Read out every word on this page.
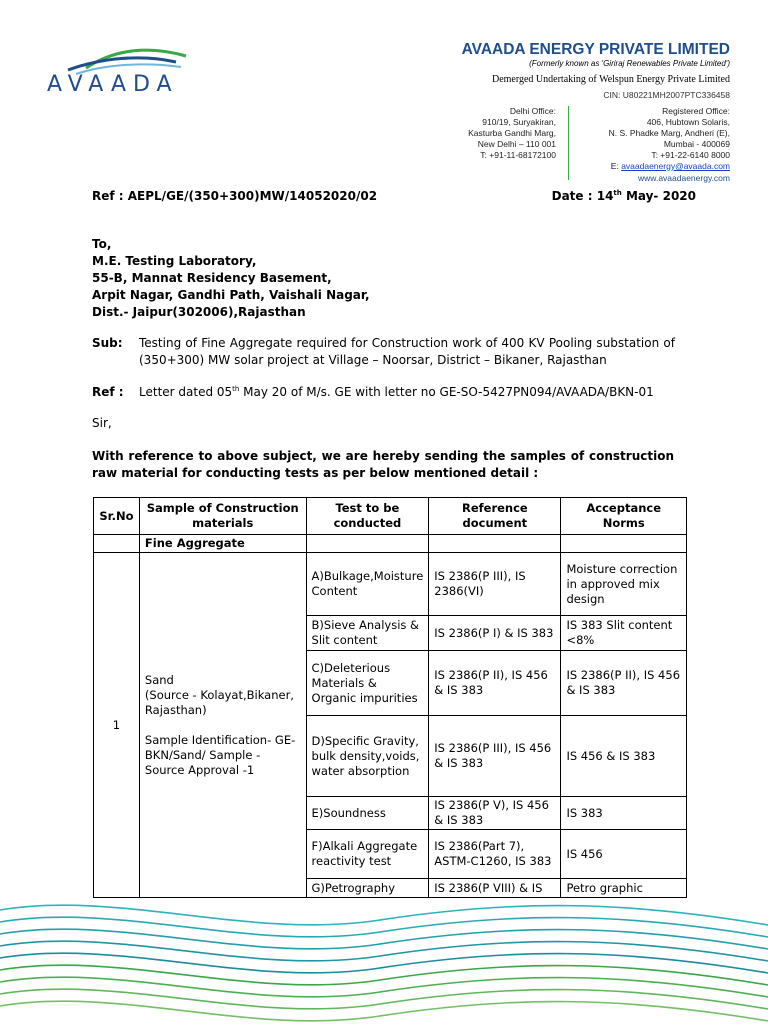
AVAADA
AVAADA ENERGY PRIVATE LIMITED
(Formerly known as 'Giriraj Renewables Private Limited')
Demerged Undertaking of Welspun Energy Private Limited
CIN: U80221MH2007PTC336458
Delhi Office:
910/19, Suryakiran,
Kasturba Gandhi Marg,
New Delhi – 110 001
T: +91-11-68172100
Registered Office:
406, Hubtown Solaris,
N. S. Phadke Marg, Andheri (E),
Mumbai - 400069
T: +91-22-6140 8000
E: avaadaenergy@avaada.com
www.avaadaenergy.com
Ref : AEPL/GE/(350+300)MW/14052020/02	Date : 14th May- 2020
To,
M.E. Testing Laboratory,
55-B, Mannat Residency Basement,
Arpit Nagar, Gandhi Path, Vaishali Nagar,
Dist.- Jaipur(302006),Rajasthan
Sub: Testing of Fine Aggregate required for Construction work of 400 KV Pooling substation of (350+300) MW solar project at Village – Noorsar, District – Bikaner, Rajasthan
Ref : Letter dated 05th May 20 of M/s. GE with letter no GE-SO-5427PN094/AVAADA/BKN-01
Sir,
With reference to above subject, we are hereby sending the samples of construction raw material for conducting tests as per below mentioned detail :
Sr.No	Sample of Construction materials	Test to be conducted	Reference document	Acceptance Norms
	Fine Aggregate			
1	Sand
(Source - Kolayat,Bikaner, Rajasthan)
Sample Identification- GE-BKN/Sand/ Sample - Source Approval -1	A)Bulkage,Moisture Content	IS 2386(P III), IS 2386(VI)	Moisture correction in approved mix design
		B)Sieve Analysis & Slit content	IS 2386(P I) & IS 383	IS 383 Slit content <8%
		C)Deleterious Materials & Organic impurities	IS 2386(P II), IS 456 & IS 383	IS 2386(P II), IS 456 & IS 383
		D)Specific Gravity, bulk density,voids, water absorption	IS 2386(P III), IS 456 & IS 383	IS 456 & IS 383
		E)Soundness	IS 2386(P V), IS 456 & IS 383	IS 383
		F)Alkali Aggregate reactivity test	IS 2386(Part 7), ASTM-C1260, IS 383	IS 456
		G)Petrography	IS 2386(P VIII) & IS	Petro graphic
